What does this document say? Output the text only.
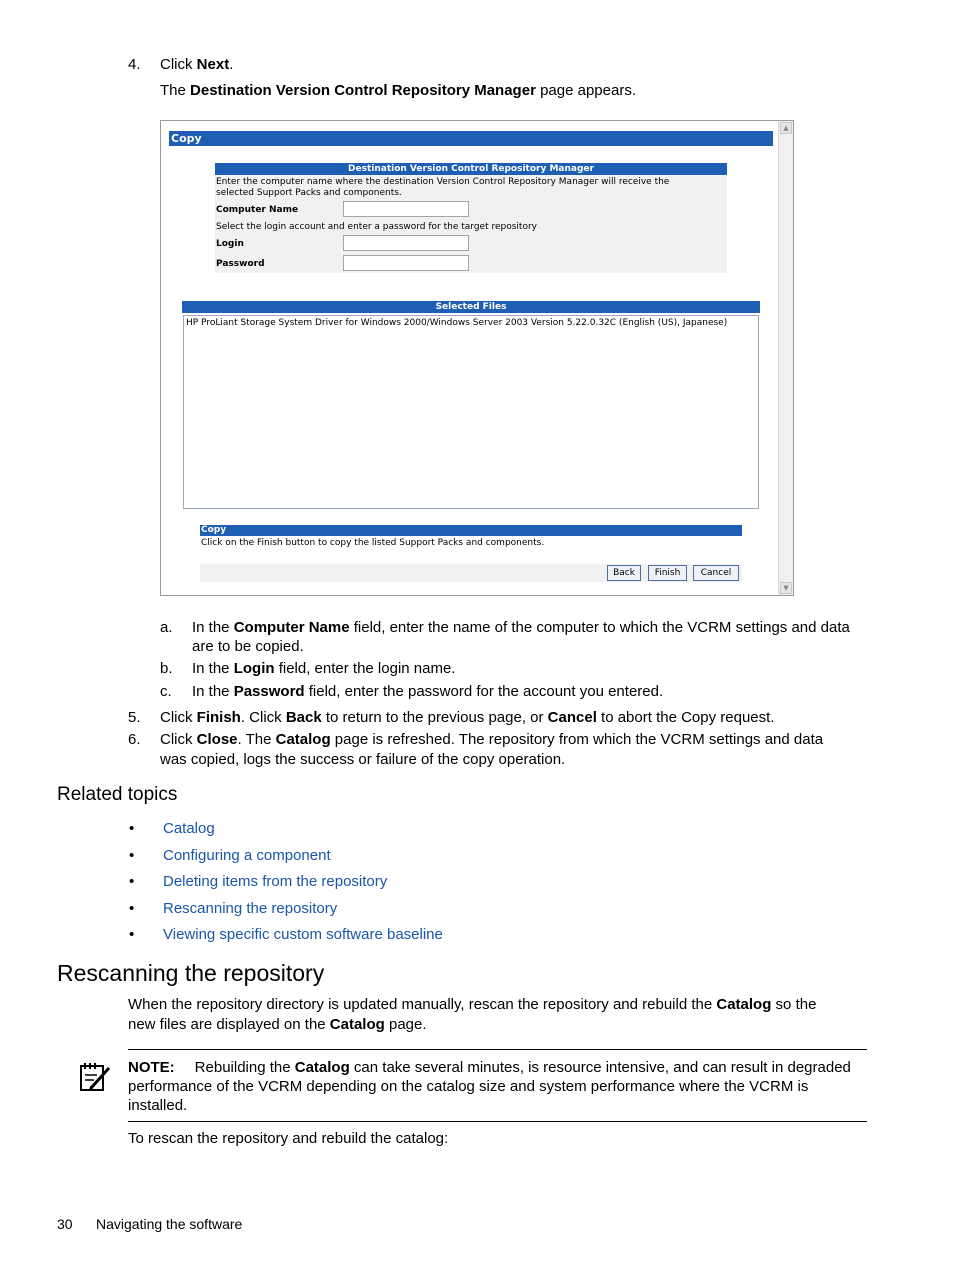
4. Click Next.
The Destination Version Control Repository Manager page appears.
Copy
Destination Version Control Repository Manager
Enter the computer name where the destination Version Control Repository Manager will receive the
selected Support Packs and components.
Computer Name
Select the login account and enter a password for the target repository
Login
Password
Selected Files
HP ProLiant Storage System Driver for Windows 2000/Windows Server 2003 Version 5.22.0.32C (English (US), Japanese)
Copy
Click on the Finish button to copy the listed Support Packs and components.
Back	Finish	Cancel
▲
▼
a. In the Computer Name field, enter the name of the computer to which the VCRM settings and data
are to be copied.
b. In the Login field, enter the login name.
c. In the Password field, enter the password for the account you entered.
5. Click Finish. Click Back to return to the previous page, or Cancel to abort the Copy request.
6. Click Close. The Catalog page is refreshed. The repository from which the VCRM settings and data
was copied, logs the success or failure of the copy operation.
Related topics
• Catalog
• Configuring a component
• Deleting items from the repository
• Rescanning the repository
• Viewing specific custom software baseline
Rescanning the repository
When the repository directory is updated manually, rescan the repository and rebuild the Catalog so the
new files are displayed on the Catalog page.
NOTE: Rebuilding the Catalog can take several minutes, is resource intensive, and can result in degraded
performance of the VCRM depending on the catalog size and system performance where the VCRM is
installed.
To rescan the repository and rebuild the catalog:
30 Navigating the software
